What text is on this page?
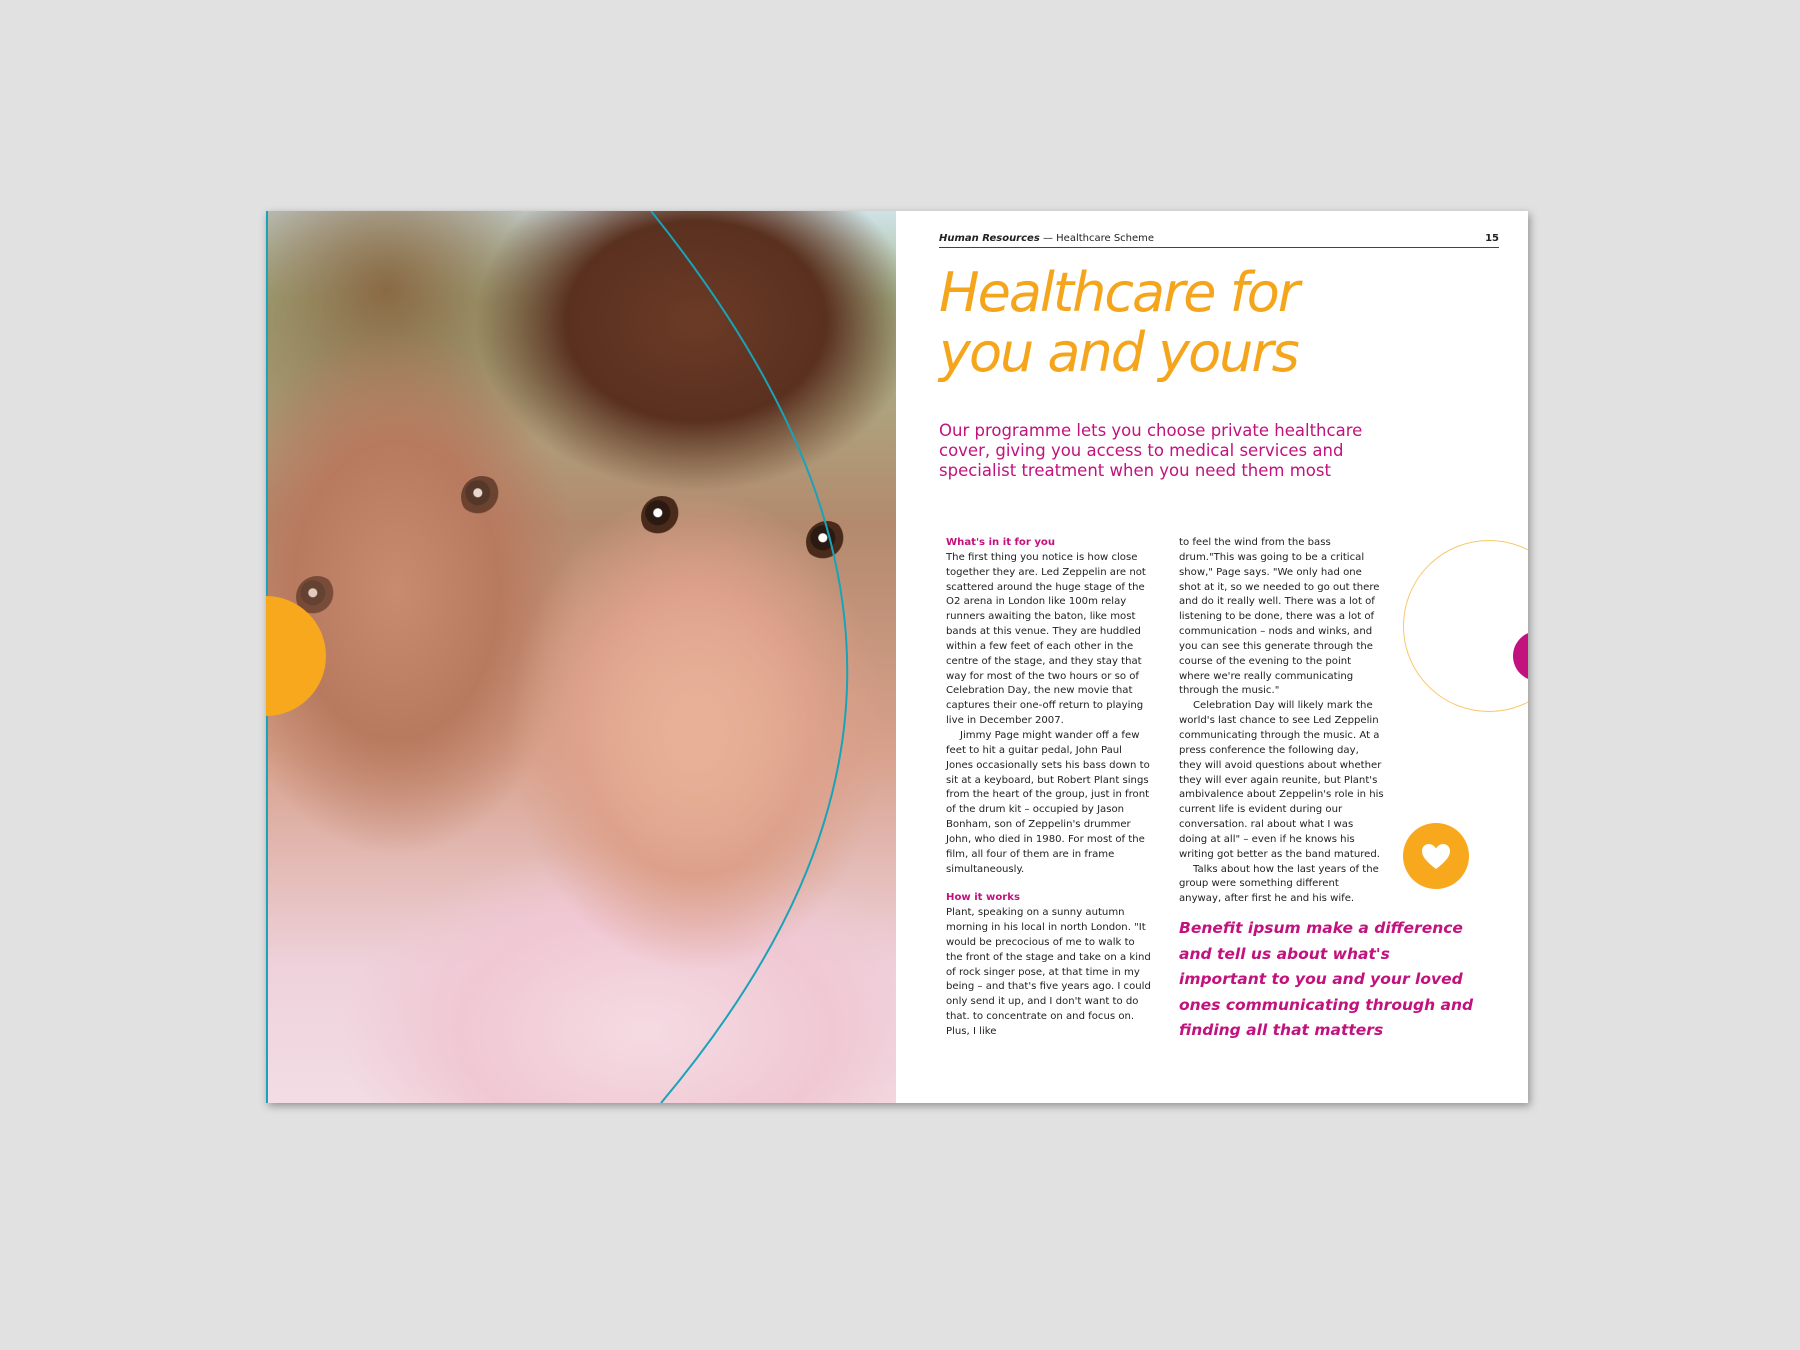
Human Resources — Healthcare Scheme	15
Healthcare for
you and yours

Our programme lets you choose private healthcare cover, giving you access to medical services and specialist treatment when you need them most

What's in it for you

The first thing you notice is how close together they are. Led Zeppelin are not scattered around the huge stage of the O2 arena in London like 100m relay runners awaiting the baton, like most bands at this venue. They are huddled within a few feet of each other in the centre of the stage, and they stay that way for most of the two hours or so of Celebration Day, the new movie that captures their one-off return to playing live in December 2007.

Jimmy Page might wander off a few feet to hit a guitar pedal, John Paul Jones occasionally sets his bass down to sit at a keyboard, but Robert Plant sings from the heart of the group, just in front of the drum kit – occupied by Jason Bonham, son of Zeppelin's drummer John, who died in 1980. For most of the film, all four of them are in frame simultaneously.

How it works

Plant, speaking on a sunny autumn morning in his local in north London. "It would be precocious of me to walk to the front of the stage and take on a kind of rock singer pose, at that time in my being – and that's five years ago. I could only send it up, and I don't want to do that. to concentrate on and focus on. Plus, I like

to feel the wind from the bass drum."This was going to be a critical show," Page says. "We only had one shot at it, so we needed to go out there and do it really well. There was a lot of listening to be done, there was a lot of communication – nods and winks, and you can see this generate through the course of the evening to the point where we're really communicating through the music."

Celebration Day will likely mark the world's last chance to see Led Zeppelin communicating through the music. At a press conference the following day, they will avoid questions about whether they will ever again reunite, but Plant's ambivalence about Zeppelin's role in his current life is evident during our conversation. ral about what I was doing at all" – even if he knows his writing got better as the band matured.

Talks about how the last years of the group were something different anyway, after first he and his wife.

Benefit ipsum make a difference and tell us about what's important to you and your loved ones communicating through and finding all that matters
